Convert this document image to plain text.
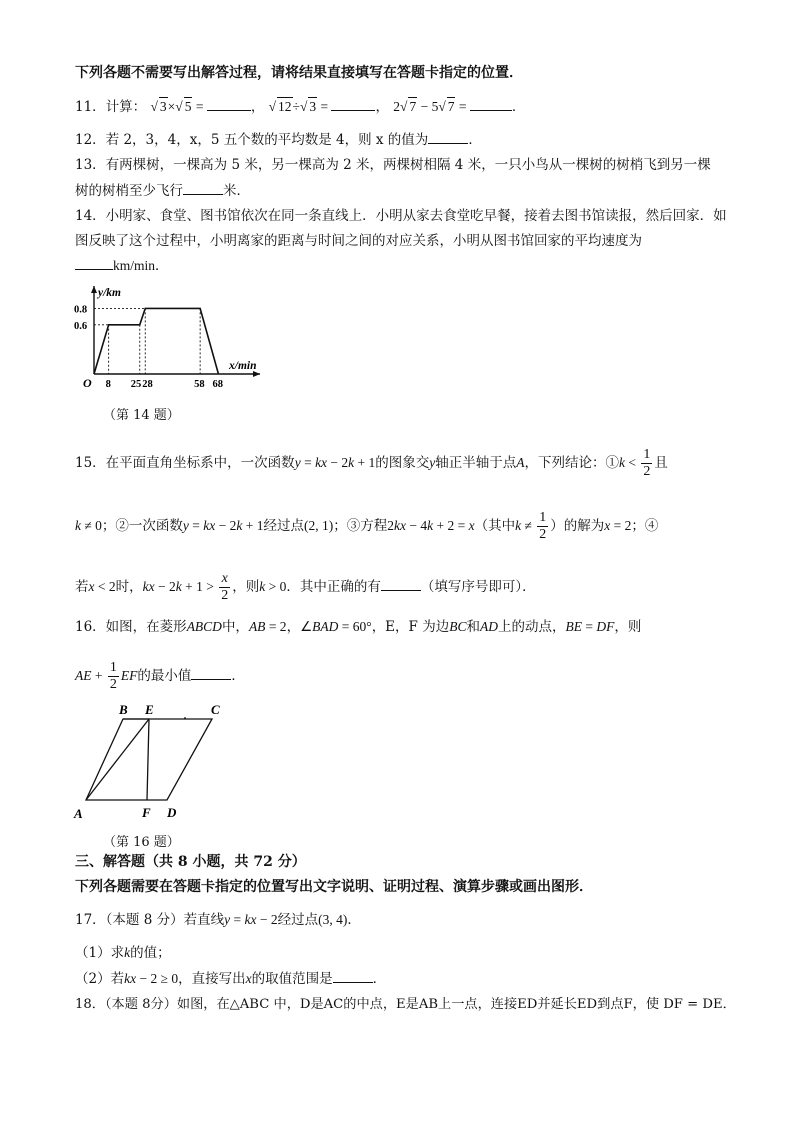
下列各题不需要写出解答过程，请将结果直接填写在答题卡指定的位置．
11．计算： √ 3×√ 5 =	， √ 12÷√ 3 =	， 2√ 7 − 5√ 7 =	．
12．若 2，3，4，x，5 五个数的平均数是 4，则 x 的值为	．
13．有两棵树，一棵高为 5 米，另一棵高为 2 米，两棵树相隔 4 米，一只小鸟从一棵树的树梢飞到另一棵
树的树梢至少飞行	米．
14．小明家、食堂、图书馆依次在同一条直线上．小明从家去食堂吃早餐，接着去图书馆读报，然后回家．如
图反映了这个过程中，小明离家的距离与时间之间的对应关系，小明从图书馆回家的平均速度为
km/min．
y/km
x/min
O
0.6
0.8
8 25 28	58 68
（第 14 题）
15．在平面直角坐标系中，一次函数y = kx − 2k + 1的图象交y轴正半轴于点A，下列结论：①k < $\frac{1}{2}$ 且
k ≠ 0；②一次函数y = kx − 2k + 1经过点(2, 1)；③方程2kx − 4k + 2 = x（其中$k \ne \frac{1}{2}$ ）的解为x = 2；④
若x < 2时，kx − $2k + 1 > \frac{x}{2}$ ，则k > 0．其中正确的有	（填写序号即可）．
16．如图，在菱形ABCD中，AB = 2，∠BAD = 60°，E，F 为边BC和AD上的动点，BE = DF，则
AE + $\frac{1}{2}$ EF的最小值	．
B E	C
A	F D
（第 16 题）
三、解答题（共 8 小题，共 72 分）
下列各题需要在答题卡指定的位置写出文字说明、证明过程、演算步骤或画出图形．
17．（本题 8 分）若直线y = kx − 2经过点(3, 4)．
（1）求k的值；
（2）若kx − 2 ≥ 0，直接写出x的取值范围是	．
18．（本题 8分）如图，在△ABC 中，D是AC的中点，E是AB上一点，连接ED并延长ED到点F，使 DF = DE．
